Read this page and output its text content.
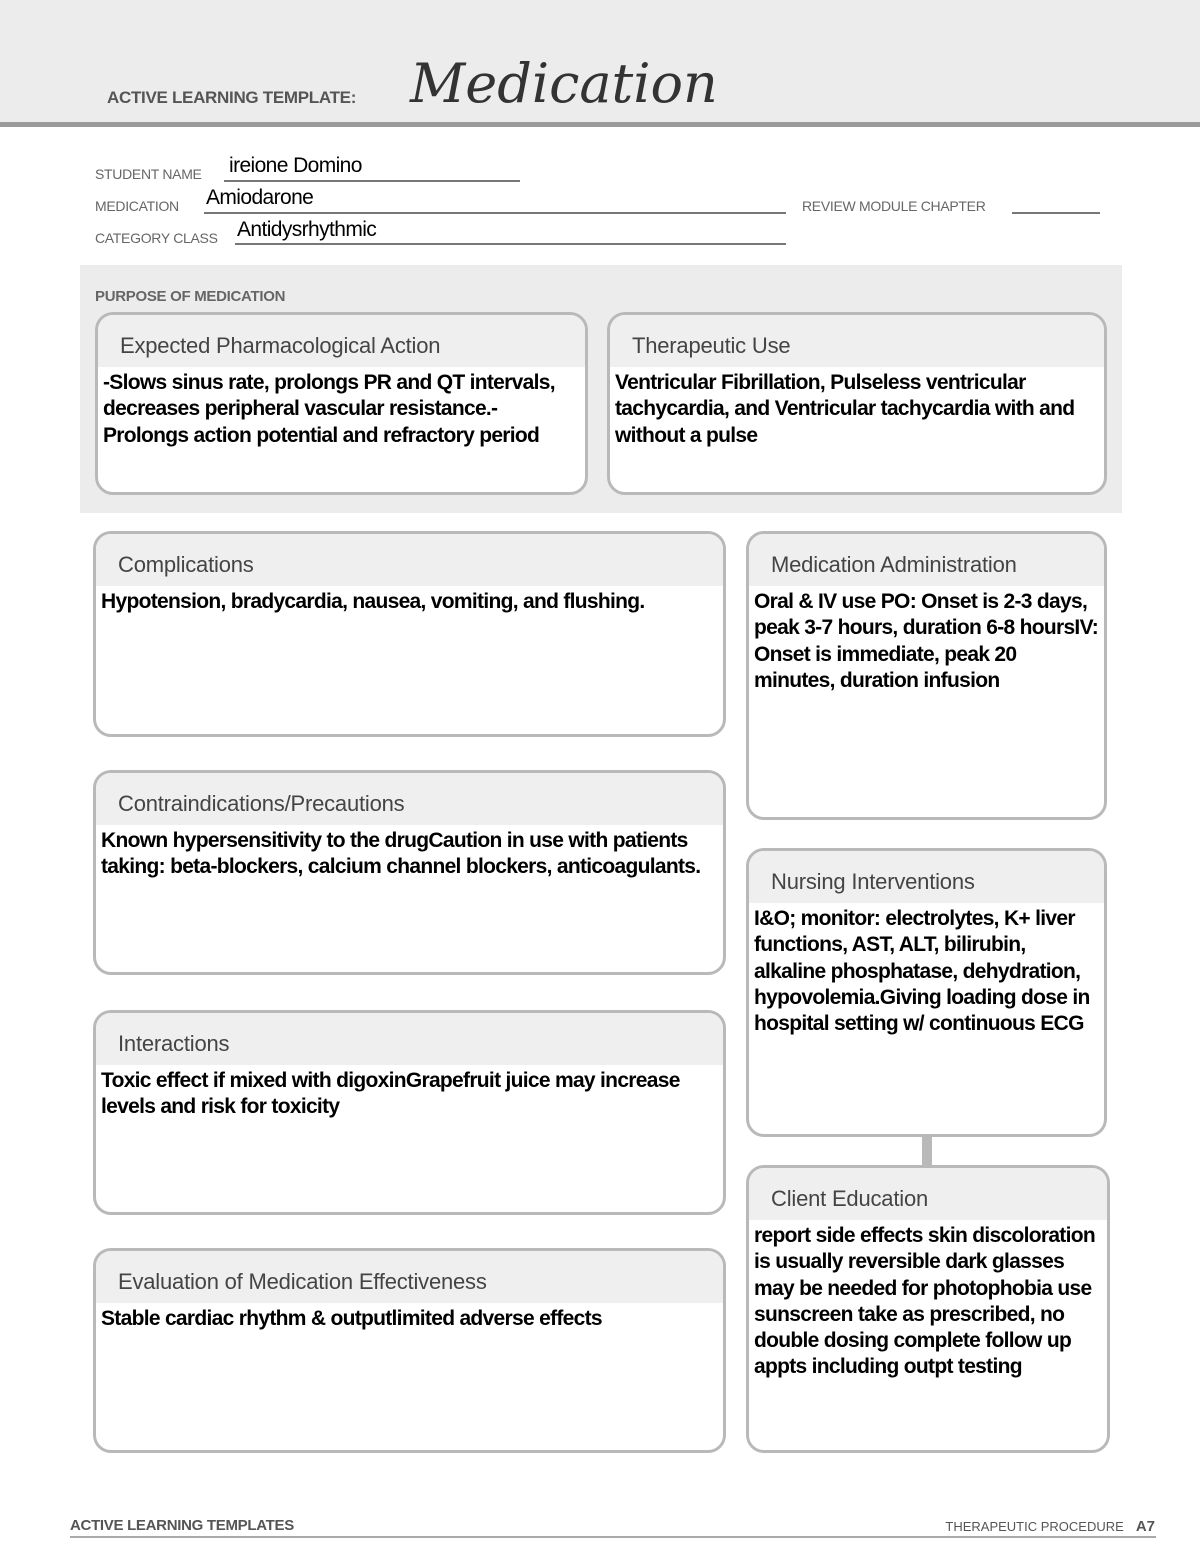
ACTIVE LEARNING TEMPLATE: Medication
STUDENT NAME ireione Domino
MEDICATION Amiodarone	REVIEW MODULE CHAPTER
CATEGORY CLASS Antidysrhythmic
PURPOSE OF MEDICATION
Expected Pharmacological Action
-Slows sinus rate, prolongs PR and QT intervals, decreases peripheral vascular resistance.-Prolongs action potential and refractory period
Therapeutic Use
Ventricular Fibrillation, Pulseless ventricular tachycardia, and Ventricular tachycardia with and without a pulse
Complications
Hypotension, bradycardia, nausea, vomiting, and flushing.
Medication Administration
Oral & IV use PO: Onset is 2-3 days, peak 3-7 hours, duration 6-8 hoursIV: Onset is immediate, peak 20 minutes, duration infusion
Contraindications/Precautions
Known hypersensitivity to the drugCaution in use with patients taking: beta-blockers, calcium channel blockers, anticoagulants.
Nursing Interventions
I&O; monitor: electrolytes, K+ liver functions, AST, ALT, bilirubin, alkaline phosphatase, dehydration, hypovolemia.Giving loading dose in hospital setting w/ continuous ECG
Interactions
Toxic effect if mixed with digoxinGrapefruit juice may increase levels and risk for toxicity
Client Education
report side effects skin discoloration is usually reversible dark glasses may be needed for photophobia use sunscreen take as prescribed, no double dosing complete follow up appts including outpt testing
Evaluation of Medication Effectiveness
Stable cardiac rhythm & outputlimited adverse effects
ACTIVE LEARNING TEMPLATES	THERAPEUTIC PROCEDURE A7
